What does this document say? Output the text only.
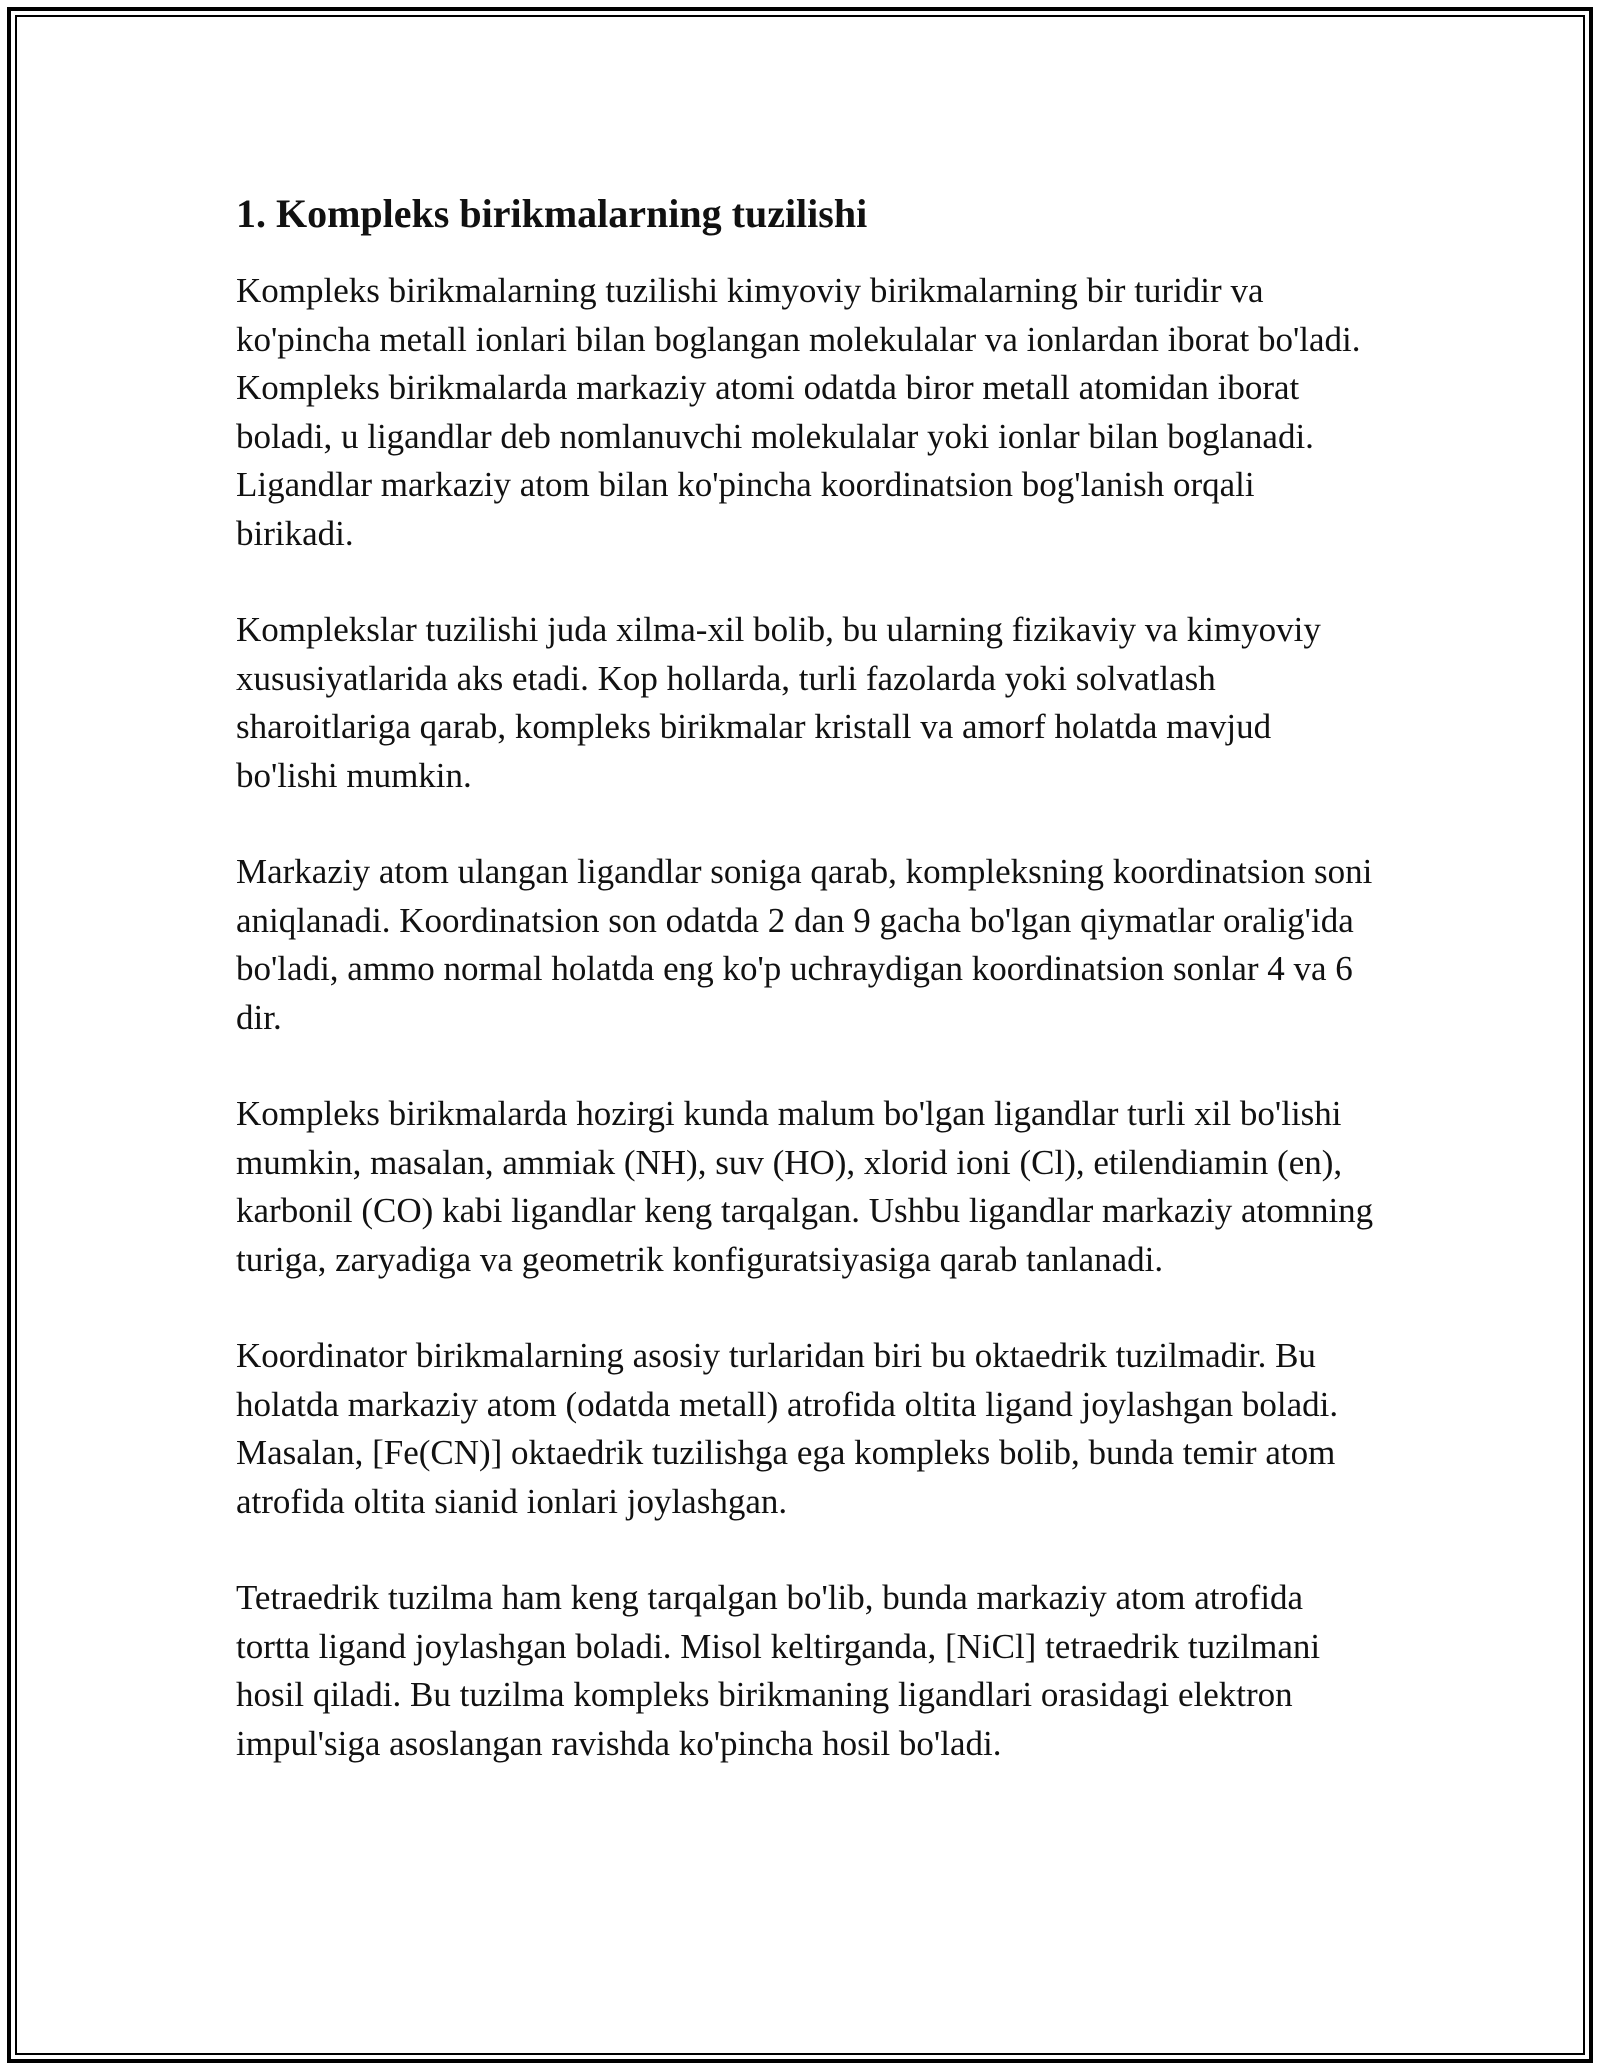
1. Kompleks birikmalarning tuzilishi

Kompleks birikmalarning tuzilishi kimyoviy birikmalarning bir turidir va ko'pincha metall ionlari bilan boglangan molekulalar va ionlardan iborat bo'ladi. Kompleks birikmalarda markaziy atomi odatda biror metall atomidan iborat boladi, u ligandlar deb nomlanuvchi molekulalar yoki ionlar bilan boglanadi. Ligandlar markaziy atom bilan ko'pincha koordinatsion bog'lanish orqali birikadi.

Komplekslar tuzilishi juda xilma-xil bolib, bu ularning fizikaviy va kimyoviy xususiyatlarida aks etadi. Kop hollarda, turli fazolarda yoki solvatlash sharoitlariga qarab, kompleks birikmalar kristall va amorf holatda mavjud bo'lishi mumkin.

Markaziy atom ulangan ligandlar soniga qarab, kompleksning koordinatsion soni aniqlanadi. Koordinatsion son odatda 2 dan 9 gacha bo'lgan qiymatlar oralig'ida bo'ladi, ammo normal holatda eng ko'p uchraydigan koordinatsion sonlar 4 va 6 dir.

Kompleks birikmalarda hozirgi kunda malum bo'lgan ligandlar turli xil bo'lishi mumkin, masalan, ammiak (NH), suv (HO), xlorid ioni (Cl), etilendiamin (en), karbonil (CO) kabi ligandlar keng tarqalgan. Ushbu ligandlar markaziy atomning turiga, zaryadiga va geometrik konfiguratsiyasiga qarab tanlanadi.

Koordinator birikmalarning asosiy turlaridan biri bu oktaedrik tuzilmadir. Bu holatda markaziy atom (odatda metall) atrofida oltita ligand joylashgan boladi. Masalan, [Fe(CN)] oktaedrik tuzilishga ega kompleks bolib, bunda temir atom atrofida oltita sianid ionlari joylashgan.

Tetraedrik tuzilma ham keng tarqalgan bo'lib, bunda markaziy atom atrofida tortta ligand joylashgan boladi. Misol keltirganda, [NiCl] tetraedrik tuzilmani hosil qiladi. Bu tuzilma kompleks birikmaning ligandlari orasidagi elektron impul'siga asoslangan ravishda ko'pincha hosil bo'ladi.
